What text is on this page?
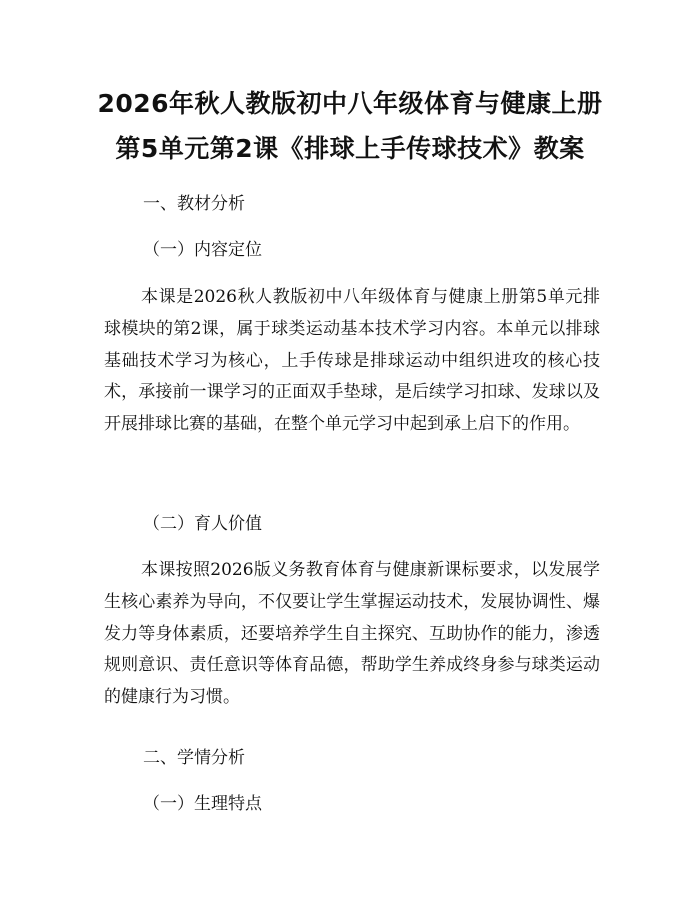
2026年秋人教版初中八年级体育与健康上册
第5单元第2课《排球上手传球技术》教案
一、教材分析
（一）内容定位
本课是2026秋人教版初中八年级体育与健康上册第5单元排球模块的第2课，属于球类运动基本技术学习内容。本单元以排球基础技术学习为核心，上手传球是排球运动中组织进攻的核心技术，承接前一课学习的正面双手垫球，是后续学习扣球、发球以及开展排球比赛的基础，在整个单元学习中起到承上启下的作用。
（二）育人价值
本课按照2026版义务教育体育与健康新课标要求，以发展学生核心素养为导向，不仅要让学生掌握运动技术，发展协调性、爆发力等身体素质，还要培养学生自主探究、互助协作的能力，渗透规则意识、责任意识等体育品德，帮助学生养成终身参与球类运动的健康行为习惯。
二、学情分析
（一）生理特点
